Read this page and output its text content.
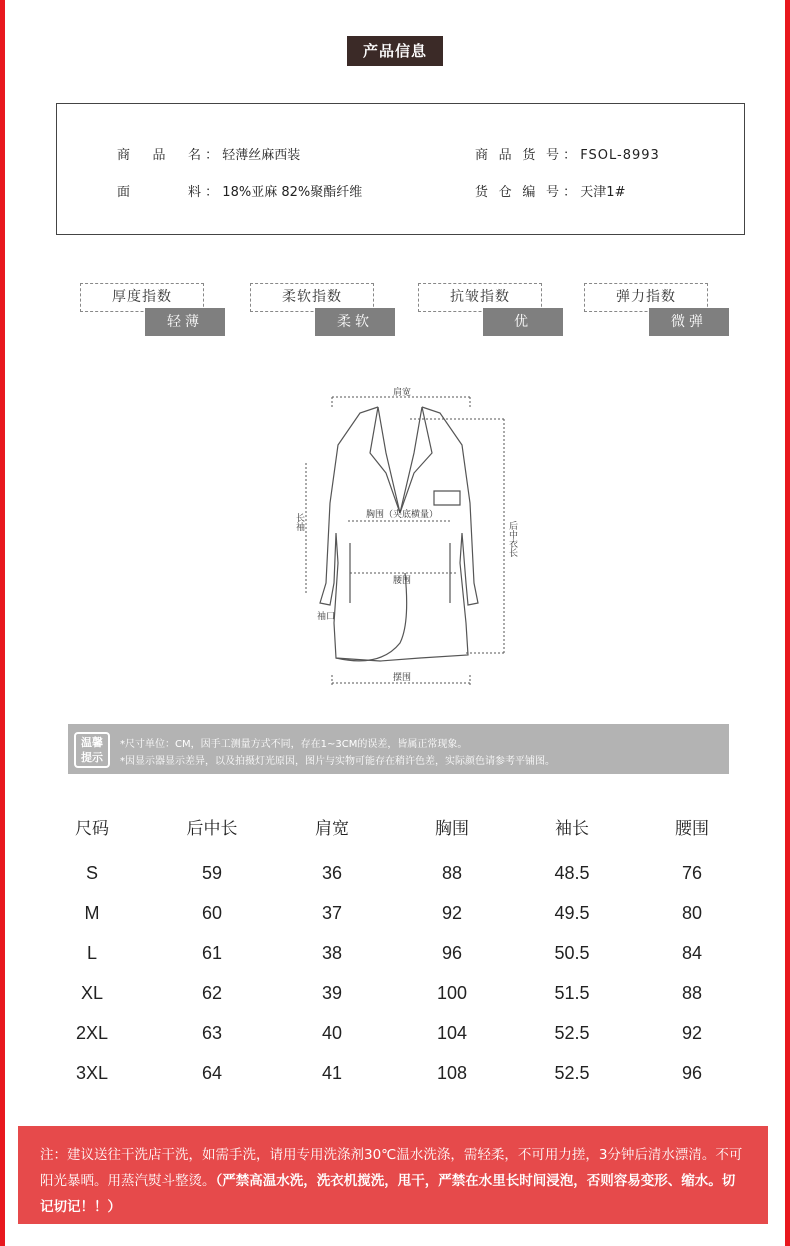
产品信息
商 品 名 ： 轻薄丝麻西装	商 品 货 号 ： FSOL-8993
面	料 ： 18%亚麻 82%聚酯纤维	货 仓 编 号 ： 天津1#
厚度指数
轻薄
柔软指数
柔软
抗皱指数
优
弹力指数
微弹
肩宽
胸围（夹底横量）
腰围
摆围
袖口
长袖	后中衣长
温馨
提示
*尺寸单位：CM，因手工测量方式不同，存在1~3CM的误差，皆属正常现象。
*因显示器显示差异，以及拍摄灯光原因，图片与实物可能存在稍许色差，实际颜色请参考平铺图。
尺码	后中长	肩宽	胸围	袖长	腰围
S	59	36	88	48.5	76
M	60	37	92	49.5	80
L	61	38	96	50.5	84
XL	62	39	100	51.5	88
2XL	63	40	104	52.5	92
3XL	64	41	108	52.5	96
注：建议送往干洗店干洗，如需手洗，请用专用洗涤剂30℃温水洗涤，需轻柔，不可用力搓，3分钟后清水漂清。不可阳光暴晒。用蒸汽熨斗整烫。（严禁高温水洗，洗衣机搅洗，甩干，严禁在水里长时间浸泡，否则容易变形、缩水。切记切记！！）
